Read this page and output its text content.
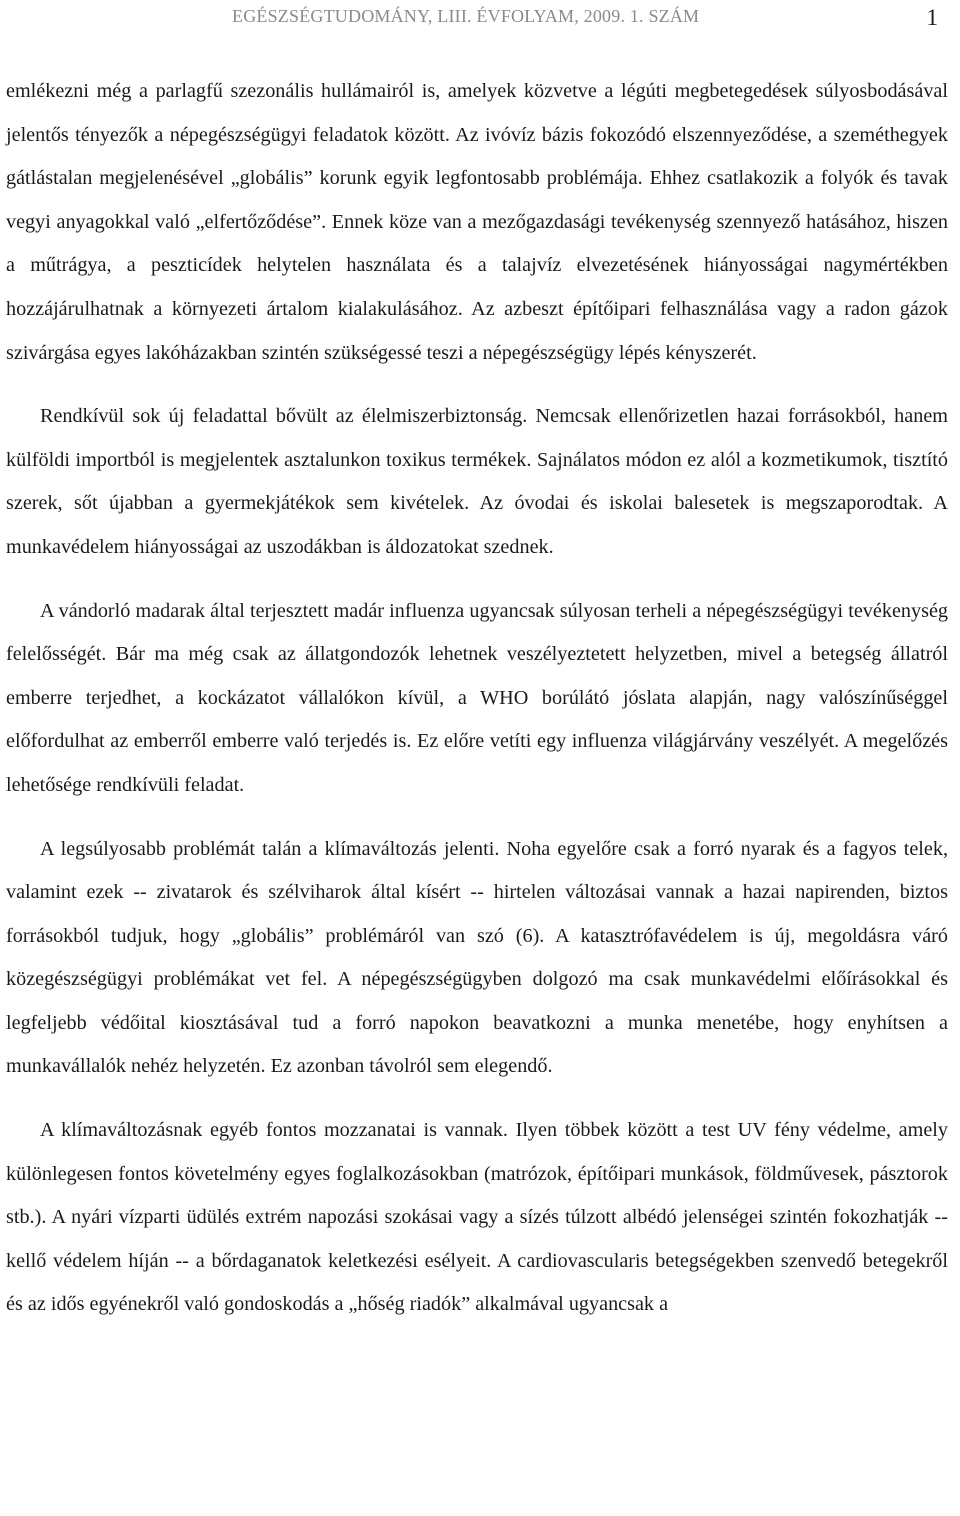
EGÉSZSÉGTUDOMÁNY, LIII. ÉVFOLYAM, 2009. 1. SZÁM	1

emlékezni még a parlagfű szezonális hullámairól is, amelyek közvetve a légúti megbetegedések súlyosbodásával jelentős tényezők a népegészségügyi feladatok között. Az ivóvíz bázis fokozódó elszennyeződése, a szeméthegyek gátlástalan megjelenésével „globális” korunk egyik legfontosabb problémája. Ehhez csatlakozik a folyók és tavak vegyi anyagokkal való „elfertőződése”. Ennek köze van a mezőgazdasági tevékenység szennyező hatásához, hiszen a műtrágya, a peszticídek helytelen használata és a talajvíz elvezetésének hiányosságai nagymértékben hozzájárulhatnak a környezeti ártalom kialakulásához. Az azbeszt építőipari felhasználása vagy a radon gázok szivárgása egyes lakóházakban szintén szükségessé teszi a népegészségügy lépés kényszerét.

Rendkívül sok új feladattal bővült az élelmiszerbiztonság. Nemcsak ellenőrizetlen hazai forrásokból, hanem külföldi importból is megjelentek asztalunkon toxikus termékek. Sajnálatos módon ez alól a kozmetikumok, tisztító szerek, sőt újabban a gyermekjátékok sem kivételek. Az óvodai és iskolai balesetek is megszaporodtak. A munkavédelem hiányosságai az uszodákban is áldozatokat szednek.

A vándorló madarak által terjesztett madár influenza ugyancsak súlyosan terheli a népegészségügyi tevékenység felelősségét. Bár ma még csak az állatgondozók lehetnek veszélyeztetett helyzetben, mivel a betegség állatról emberre terjedhet, a kockázatot vállalókon kívül, a WHO borúlátó jóslata alapján, nagy valószínűséggel előfordulhat az emberről emberre való terjedés is. Ez előre vetíti egy influenza világjárvány veszélyét. A megelőzés lehetősége rendkívüli feladat.

A legsúlyosabb problémát talán a klímaváltozás jelenti. Noha egyelőre csak a forró nyarak és a fagyos telek, valamint ezek -- zivatarok és szélviharok által kísért -- hirtelen változásai vannak a hazai napirenden, biztos forrásokból tudjuk, hogy „globális” problémáról van szó (6). A katasztrófavédelem is új, megoldásra váró közegészségügyi problémákat vet fel. A népegészségügyben dolgozó ma csak munkavédelmi előírásokkal és legfeljebb védőital kiosztásával tud a forró napokon beavatkozni a munka menetébe, hogy enyhítsen a munkavállalók nehéz helyzetén. Ez azonban távolról sem elegendő.

A klímaváltozásnak egyéb fontos mozzanatai is vannak. Ilyen többek között a test UV fény védelme, amely különlegesen fontos követelmény egyes foglalkozásokban (matrózok, építőipari munkások, földművesek, pásztorok stb.). A nyári vízparti üdülés extrém napozási szokásai vagy a sízés túlzott albédó jelenségei szintén fokozhatják -- kellő védelem híján -- a bőrdaganatok keletkezési esélyeit. A cardiovascularis betegségekben szenvedő betegekről és az idős egyénekről való gondoskodás a „hőség riadók” alkalmával ugyancsak a
